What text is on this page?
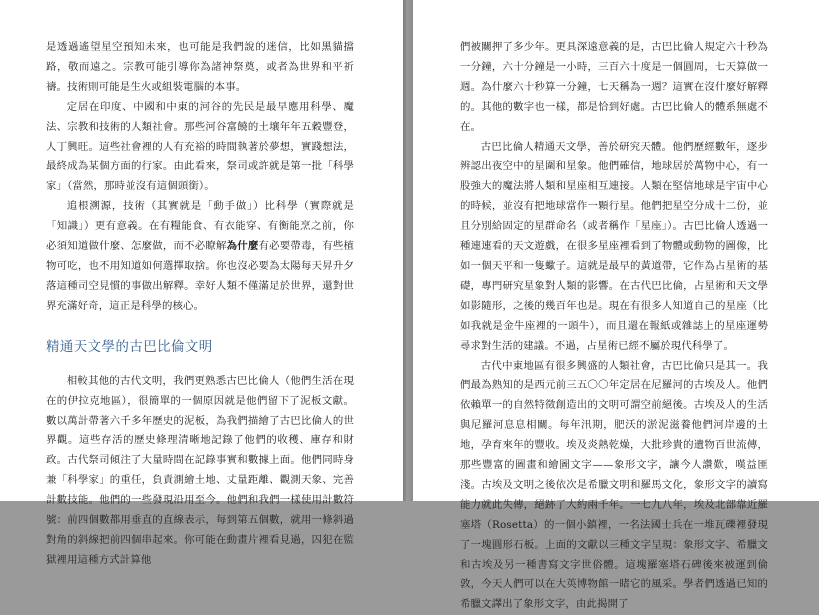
是透過遙望星空預知未來，也可能是我們說的迷信，比如黑貓擋路，敬而遠之。宗教可能引導你為諸神祭奠，或者為世界和平祈禱。技術則可能是生火或組裝電腦的本事。

定居在印度、中國和中東的河谷的先民是最早應用科學、魔法、宗教和技術的人類社會。那些河谷富饒的土壤年年五穀豐登，人丁興旺。這些社會裡的人有充裕的時間執著於夢想，實踐想法，最終成為某個方面的行家。由此看來，祭司或許就是第一批「科學家」（當然，那時並沒有這個頭銜）。

追根溯源，技術（其實就是「動手做」）比科學（實際就是「知識」）更有意義。在有糧能食、有衣能穿、有衡能烹之前，你必須知道做什麼、怎麼做，而不必瞭解為什麼有必要帶毒，有些植物可吃，也不用知道如何選擇取捨。你也沒必要為太陽每天昇升夕落這種司空見慣的事做出解釋。幸好人類不僅滿足於世界，還對世界充滿好奇，這正是科學的核心。

精通天文學的古巴比倫文明

相較其他的古代文明，我們更熟悉古巴比倫人（他們生活在現在的伊拉克地區），很簡單的一個原因就是他們留下了泥板文獻。數以萬計帶著六千多年歷史的泥板，為我們描繪了古巴比倫人的世界觀。這些存活的歷史條理清晰地記錄了他們的收穫、庫存和財政。古代祭司傾注了大量時間在記錄事實和數據上面。他們同時身兼「科學家」的重任，負責測繪土地、丈量距離、觀測天象、完善計數技能。他們的一些發現沿用至今。他們和我們一樣使用計數符號：前四個數都用垂直的直線表示，每到第五個數，就用一條斜過對角的斜線把前四個串起來。你可能在動畫片裡看見過，囚犯在監獄裡用這種方式計算他

們被關押了多少年。更具深遠意義的是，古巴比倫人規定六十秒為一分鐘，六十分鐘是一小時，三百六十度是一個圓周，七天算做一週。為什麼六十秒算一分鐘，七天稱為一週？這實在沒什麼好解釋的。其他的數字也一樣，都是恰到好處。古巴比倫人的體系無處不在。

古巴比倫人精通天文學，善於研究天體。他們歷經數年，逐步辨認出夜空中的星圍和星象。他們確信，地球居於萬物中心，有一股強大的魔法將人類和星座相互連接。人類在堅信地球是宇宙中心的時候，並沒有把地球當作一顆行星。他們把星空分成十二份，並且分別給固定的星群命名（或者稱作「星座」）。古巴比倫人透過一種連連看的天文遊戲，在很多星座裡看到了物體或動物的圖像，比如一個天平和一隻蠍子。這就是最早的黃道帶，它作為占星術的基礎，專門研究星象對人類的影響。在古代巴比倫，占星術和天文學如影隨形，之後的幾百年也是。現在有很多人知道自己的星座（比如我就是金牛座裡的一頭牛），而且還在報紙或雜誌上的星座運勢尋求對生活的建議。不過，占星術已經不屬於現代科學了。

古代中東地區有很多興盛的人類社會，古巴比倫只是其一。我們最為熟知的是西元前三五〇〇年定居在尼羅河的古埃及人。他們依賴單一的自然特徵創造出的文明可謂空前絕後。古埃及人的生活與尼羅河息息相關。每年汛期，肥沃的淤泥滋養他們河岸邊的土地，孕育來年的豐收。埃及炎熱乾燥，大批珍貴的遺物百世流傳，那些豐富的圖畫和繪圖文字——象形文字，讓今人讚歎，嘆益匪淺。古埃及文明之後依次是希臘文明和羅馬文化，象形文字的讀寫能力就此失傳，絕跡了大約兩千年。一七九八年，埃及北部靠近羅塞塔（Rosetta）的一個小鎮裡，一名法國士兵在一堆瓦礫裡發現了一塊圓形石板。上面的文獻以三種文字呈現：象形文字、希臘文和古埃及另一種書寫文字世俗體。這塊羅塞塔石碑後來被運到倫敦，今天人們可以在大英博物館一睹它的風采。學者們透過已知的希臘文譯出了象形文字，由此揭開了
